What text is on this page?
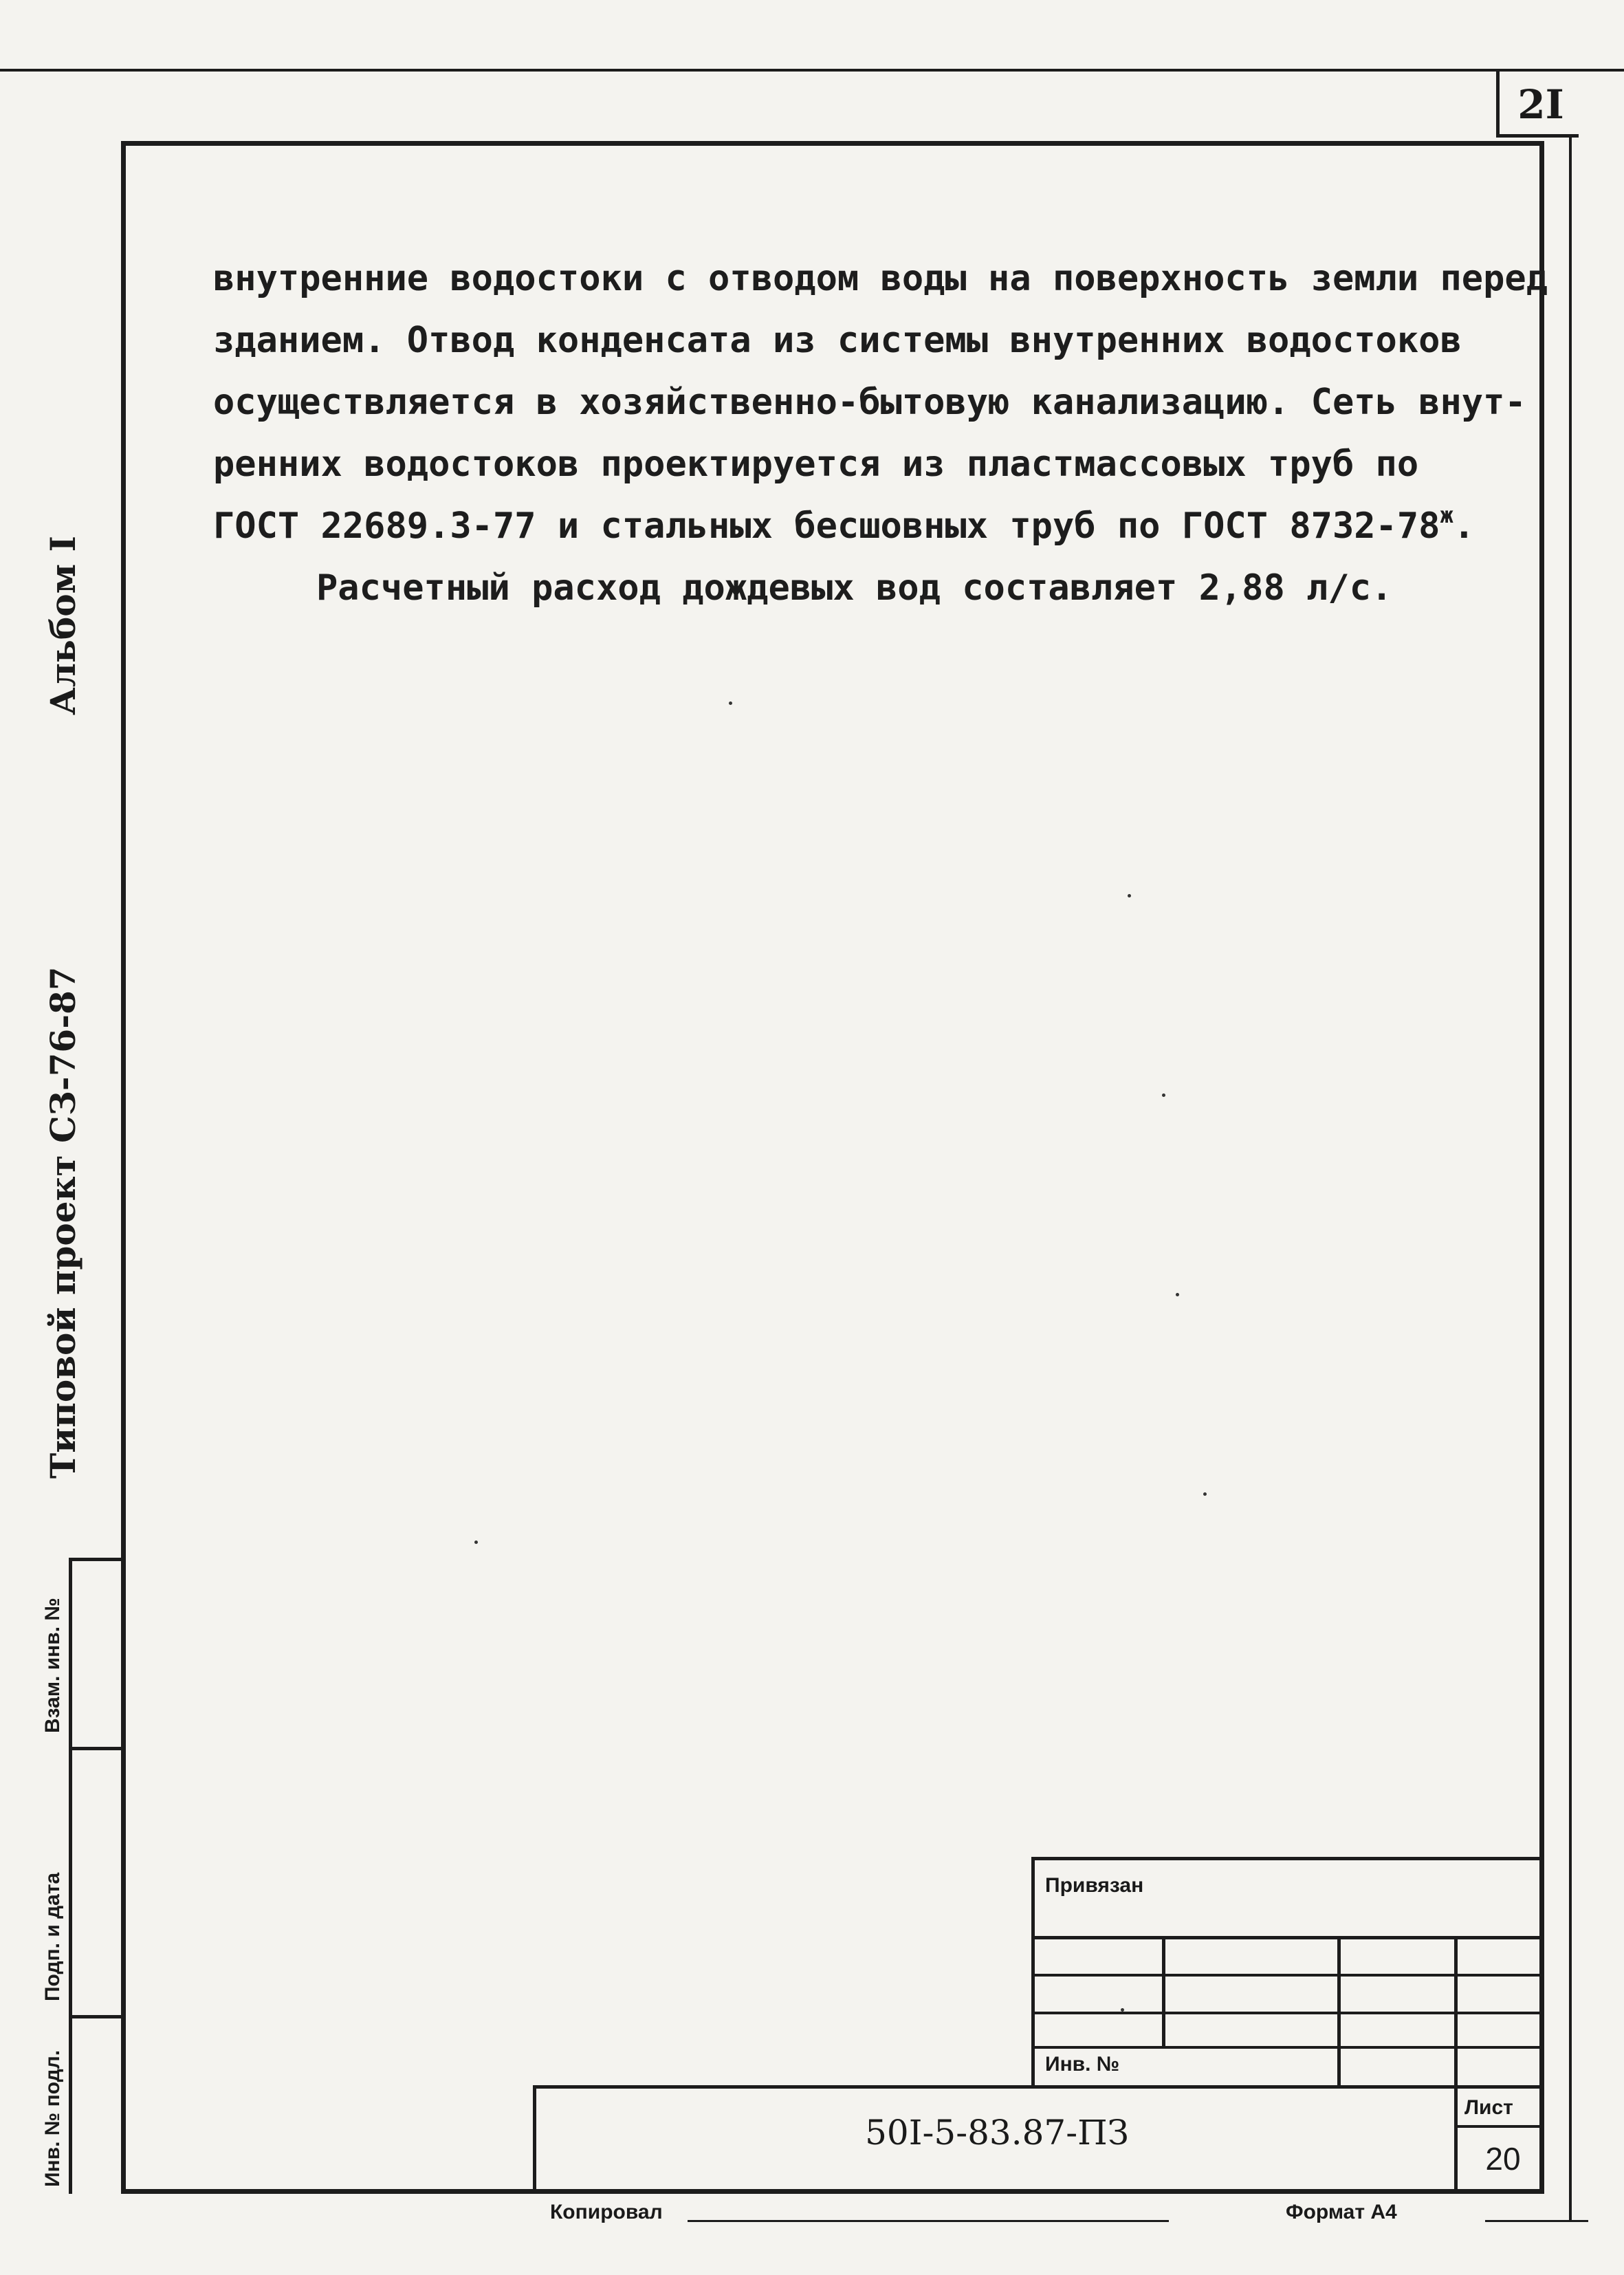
2I
внутренние водостоки с отводом воды на поверхность земли перед
зданием. Отвод конденсата из системы внутренних водостоков
осуществляется в хозяйственно-бытовую канализацию. Сеть внут-
ренних водостоков проектируется из пластмассовых труб по
ГОСТ 22689.3-77 и стальных бесшовных труб по ГОСТ $8732-78^ж$.
Расчетный расход дождевых вод составляет 2,88 л/с.
Альбом I
Типовой проект СЗ-76-87
Взам. инв. №
Подп. и дата
Инв. № подл.
Привязан
Инв. №
Лист
50I-5-83.87-ПЗ
20
Копировал	Формат А4
